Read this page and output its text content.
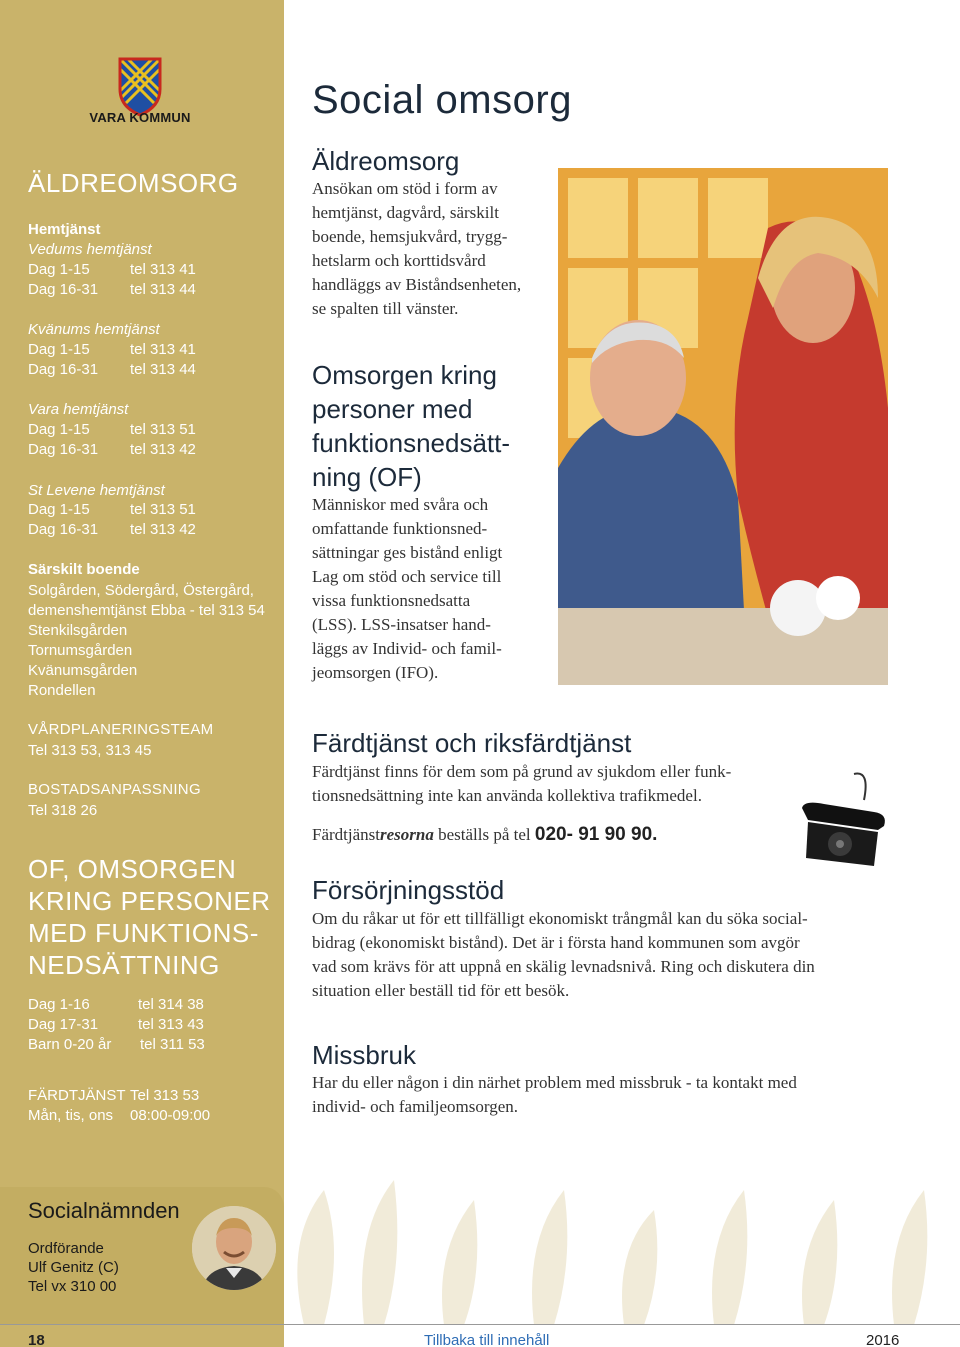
VARA KOMMUN
ÄLDREOMSORG
Hemtjänst
Vedums hemtjänst
Dag 1-15	tel 313 41
Dag 16-31 tel 313 44
Kvänums hemtjänst
Dag 1-15	tel 313 41
Dag 16-31 tel 313 44
Vara hemtjänst
Dag 1-15	tel 313 51
Dag 16-31 tel 313 42
St Levene hemtjänst
Dag 1-15	tel 313 51
Dag 16-31 tel 313 42
Särskilt boende
Solgården, Södergård, Östergård,
demenshemtjänst Ebba - tel 313 54
Stenkilsgården
Tornumsgården
Kvänumsgården
Rondellen
VÅRDPLANERINGSTEAM
Tel 313 53, 313 45
BOSTADSANPASSNING
Tel 318 26
OF, OMSORGEN
KRING PERSONER
MED FUNKTIONS-
NEDSÄTTNING
Dag 1-16	tel 314 38
Dag 17-31	tel 313 43
Barn 0-20 år tel 311 53
FÄRDTJÄNST Tel 313 53
Mån, tis, ons 08:00-09:00
Socialnämnden
Ordförande
Ulf Genitz (C)
Tel vx 310 00
Social omsorg
Äldreomsorg
Ansökan om stöd i form av
hemtjänst, dagvård, särskilt
boende, hemsjukvård, trygg-
hetslarm och korttidsvård
handläggs av Biståndsenheten,
se spalten till vänster.
Omsorgen kring
personer med
funktionsnedsätt-
ning (OF)
Människor med svåra och
omfattande funktionsned-
sättningar ges bistånd enligt
Lag om stöd och service till
vissa funktionsnedsatta
(LSS). LSS-insatser hand-
läggs av Individ- och famil-
jeomsorgen (IFO).
Färdtjänst och riksfärdtjänst
Färdtjänst finns för dem som på grund av sjukdom eller funk-
tionsnedsättning inte kan använda kollektiva trafikmedel.
Färdtjänstresorna beställs på tel 020- 91 90 90.
Försörjningsstöd
Om du råkar ut för ett tillfälligt ekonomiskt trångmål kan du söka social-
bidrag (ekonomiskt bistånd). Det är i första hand kommunen som avgör
vad som krävs för att uppnå en skälig levnadsnivå. Ring och diskutera din
situation eller beställ tid för ett besök.
Missbruk
Har du eller någon i din närhet problem med missbruk - ta kontakt med
individ- och familjeomsorgen.
18	Tillbaka till innehåll	2016
